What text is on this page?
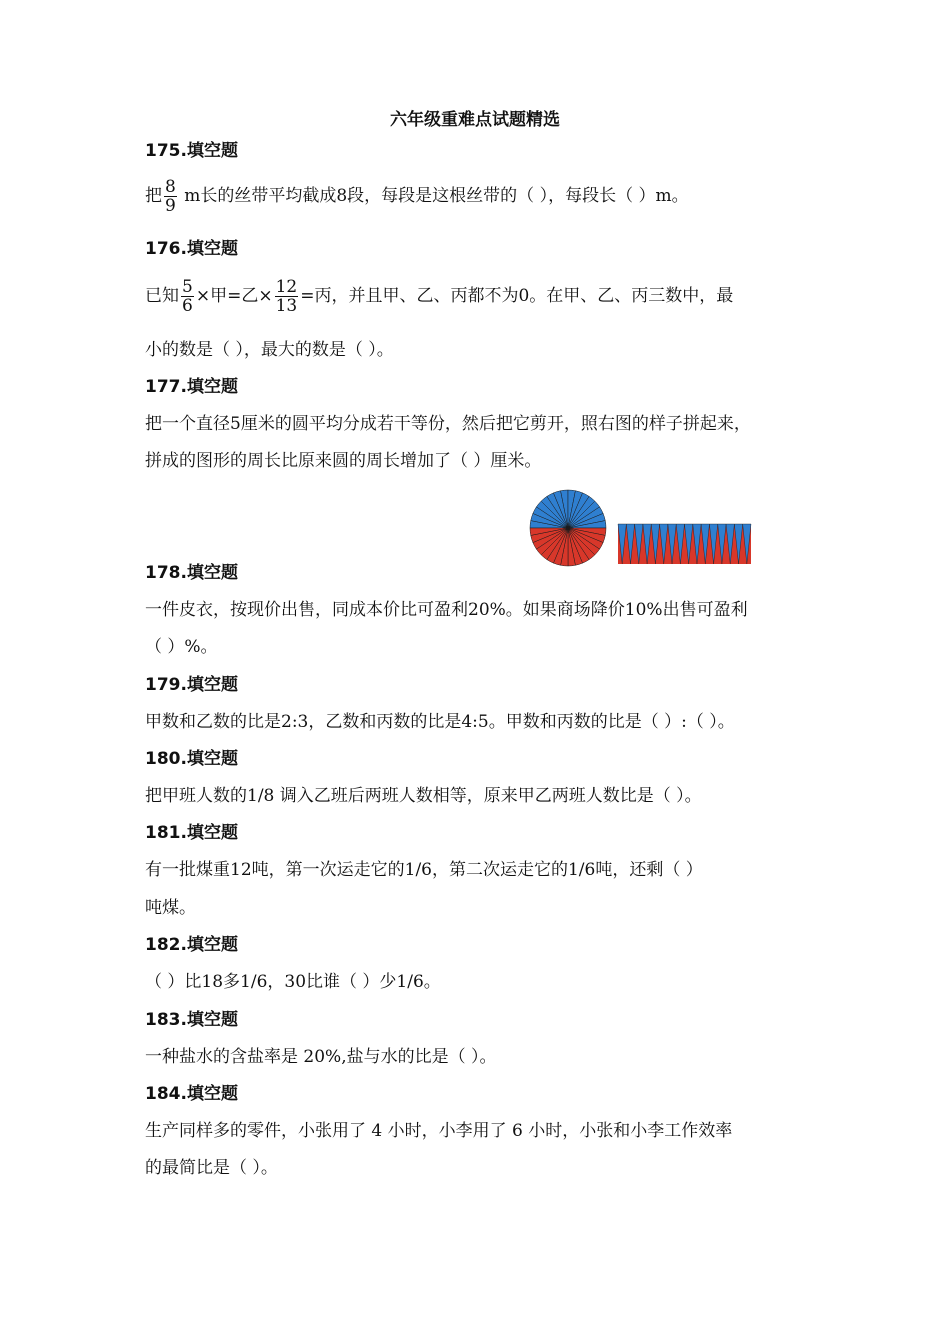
六年级重难点试题精选
175.填空题
把 $\frac{8}{9}$ m长的丝带平均截成8段，每段是这根丝带的（ ），每段长（ ）m。
176.填空题
已知 $\frac{5}{6}$ ×甲=乙× $\frac{12}{13}$ =丙，并且甲、乙、丙都不为0。在甲、乙、丙三数中，最
小的数是（ ），最大的数是（ ）。
177.填空题
把一个直径5厘米的圆平均分成若干等份，然后把它剪开，照右图的样子拼起来，
拼成的图形的周长比原来圆的周长增加了（ ）厘米。
178.填空题
一件皮衣，按现价出售，同成本价比可盈利20%。如果商场降价10%出售可盈利
（ ）%。
179.填空题
甲数和乙数的比是2:3，乙数和丙数的比是4:5。甲数和丙数的比是（ ）:（ ）。
180.填空题
把甲班人数的1/8 调入乙班后两班人数相等，原来甲乙两班人数比是（ ）。
181.填空题
有一批煤重12吨，第一次运走它的1/6，第二次运走它的1/6吨，还剩（ ）
吨煤。
182.填空题
（ ）比18多1/6，30比谁（ ）少1/6。
183.填空题
一种盐水的含盐率是 20%,盐与水的比是（ ）。
184.填空题
生产同样多的零件，小张用了 4 小时，小李用了 6 小时，小张和小李工作效率
的最简比是（ ）。
